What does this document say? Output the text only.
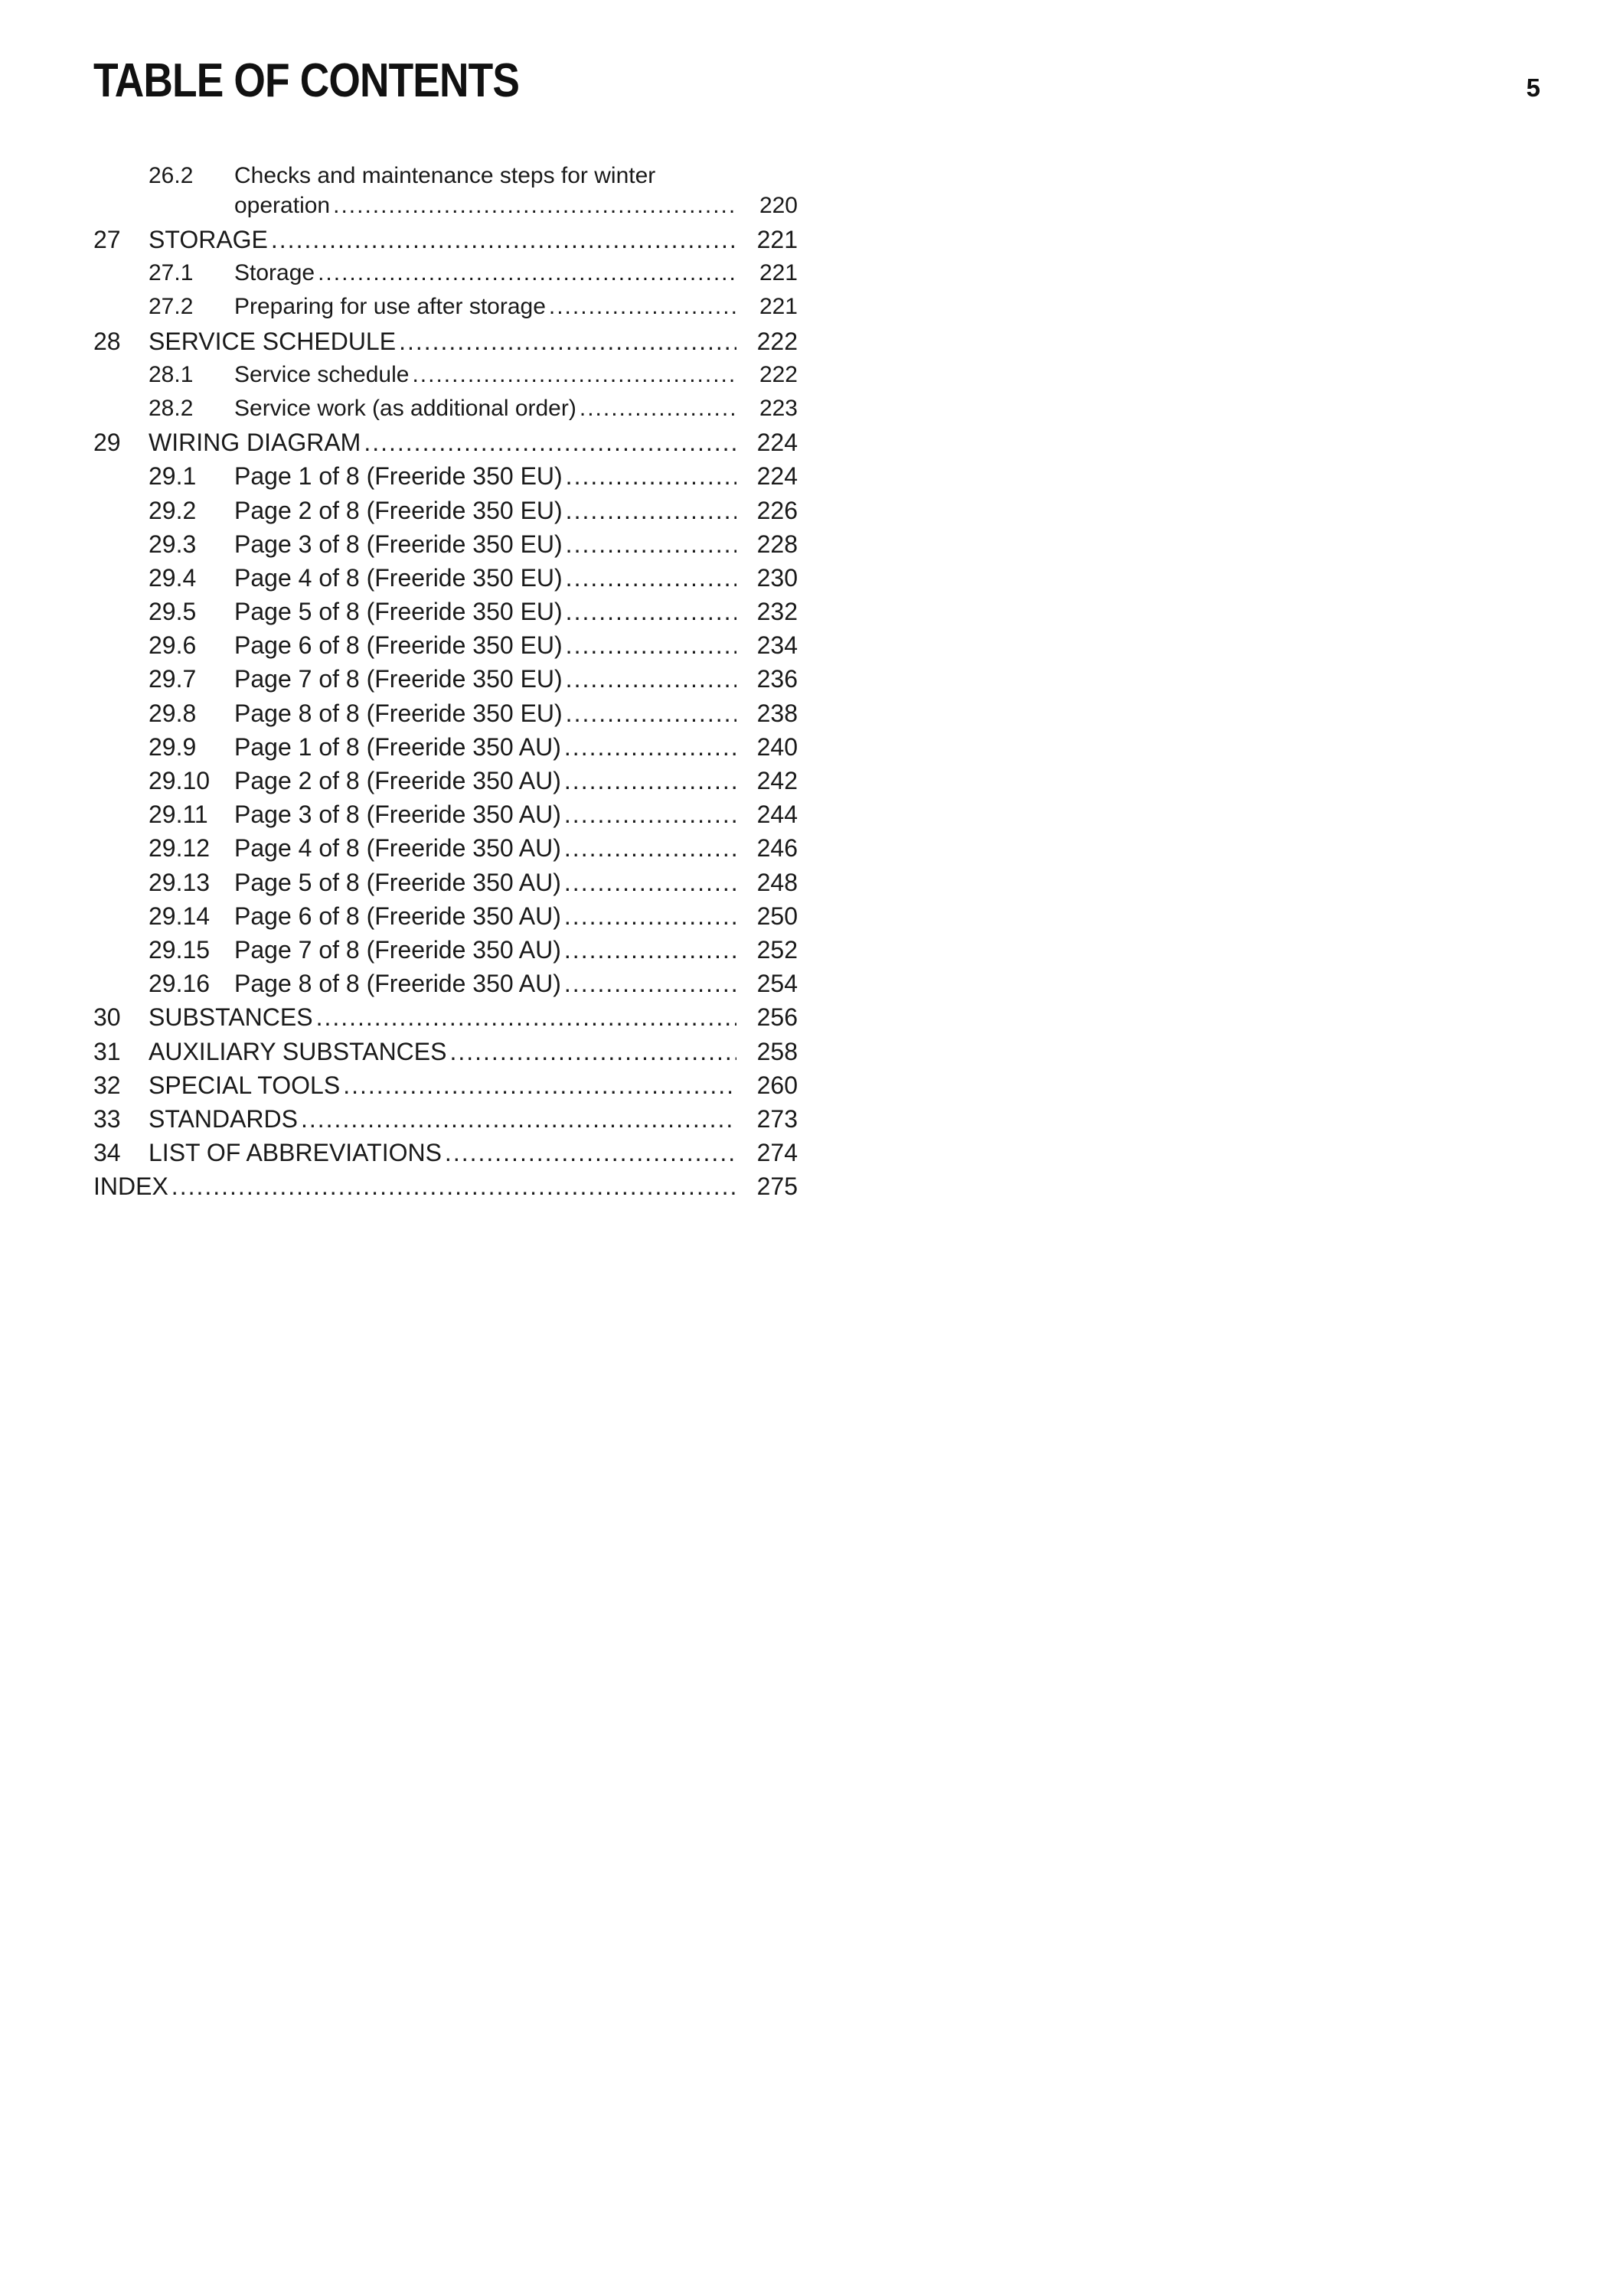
TABLE OF CONTENTS	5
26.2 Checks and maintenance steps for winter
operation .....	220
27 STORAGE .....	221
27.1 Storage .....	221
27.2 Preparing for use after storage .....	221
28 SERVICE SCHEDULE .....	222
28.1 Service schedule .....	222
28.2 Service work (as additional order) .....	223
29 WIRING DIAGRAM .....	224
29.1 Page 1 of 8 (Freeride 350 EU) .....	224
29.2 Page 2 of 8 (Freeride 350 EU) .....	226
29.3 Page 3 of 8 (Freeride 350 EU) .....	228
29.4 Page 4 of 8 (Freeride 350 EU) .....	230
29.5 Page 5 of 8 (Freeride 350 EU) .....	232
29.6 Page 6 of 8 (Freeride 350 EU) .....	234
29.7 Page 7 of 8 (Freeride 350 EU) .....	236
29.8 Page 8 of 8 (Freeride 350 EU) .....	238
29.9 Page 1 of 8 (Freeride 350 AU) .....	240
29.10 Page 2 of 8 (Freeride 350 AU) .....	242
29.11 Page 3 of 8 (Freeride 350 AU) .....	244
29.12 Page 4 of 8 (Freeride 350 AU) .....	246
29.13 Page 5 of 8 (Freeride 350 AU) .....	248
29.14 Page 6 of 8 (Freeride 350 AU) .....	250
29.15 Page 7 of 8 (Freeride 350 AU) .....	252
29.16 Page 8 of 8 (Freeride 350 AU) .....	254
30 SUBSTANCES .....	256
31 AUXILIARY SUBSTANCES .....	258
32 SPECIAL TOOLS .....	260
33 STANDARDS .....	273
34 LIST OF ABBREVIATIONS .....	274
INDEX .....	275
